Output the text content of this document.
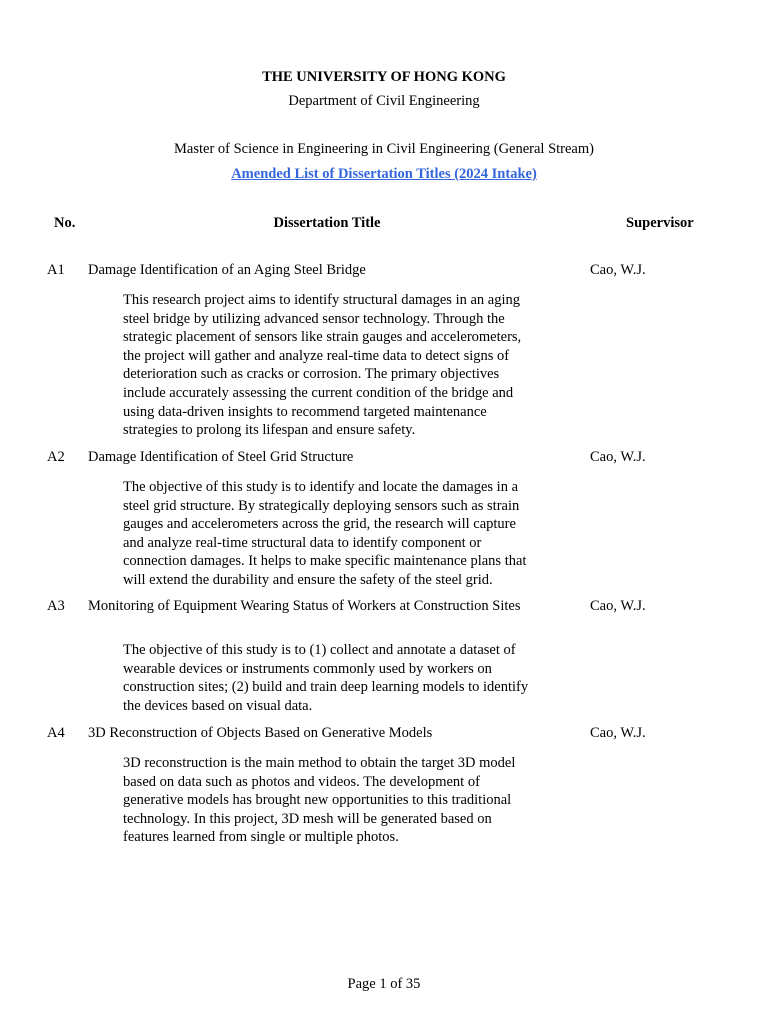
THE UNIVERSITY OF HONG KONG
Department of Civil Engineering
Master of Science in Engineering in Civil Engineering (General Stream)
Amended List of Dissertation Titles (2024 Intake)
No.	Dissertation Title	Supervisor
A1 Damage Identification of an Aging Steel Bridge	Cao, W.J.
This research project aims to identify structural damages in an aging
steel bridge by utilizing advanced sensor technology. Through the
strategic placement of sensors like strain gauges and accelerometers,
the project will gather and analyze real-time data to detect signs of
deterioration such as cracks or corrosion. The primary objectives
include accurately assessing the current condition of the bridge and
using data-driven insights to recommend targeted maintenance
strategies to prolong its lifespan and ensure safety.
A2 Damage Identification of Steel Grid Structure	Cao, W.J.
The objective of this study is to identify and locate the damages in a
steel grid structure. By strategically deploying sensors such as strain
gauges and accelerometers across the grid, the research will capture
and analyze real-time structural data to identify component or
connection damages. It helps to make specific maintenance plans that
will extend the durability and ensure the safety of the steel grid.
A3 Monitoring of Equipment Wearing Status of Workers at Construction Sites	Cao, W.J.
The objective of this study is to (1) collect and annotate a dataset of
wearable devices or instruments commonly used by workers on
construction sites; (2) build and train deep learning models to identify
the devices based on visual data.
A4 3D Reconstruction of Objects Based on Generative Models	Cao, W.J.
3D reconstruction is the main method to obtain the target 3D model
based on data such as photos and videos. The development of
generative models has brought new opportunities to this traditional
technology. In this project, 3D mesh will be generated based on
features learned from single or multiple photos.
Page 1 of 35
